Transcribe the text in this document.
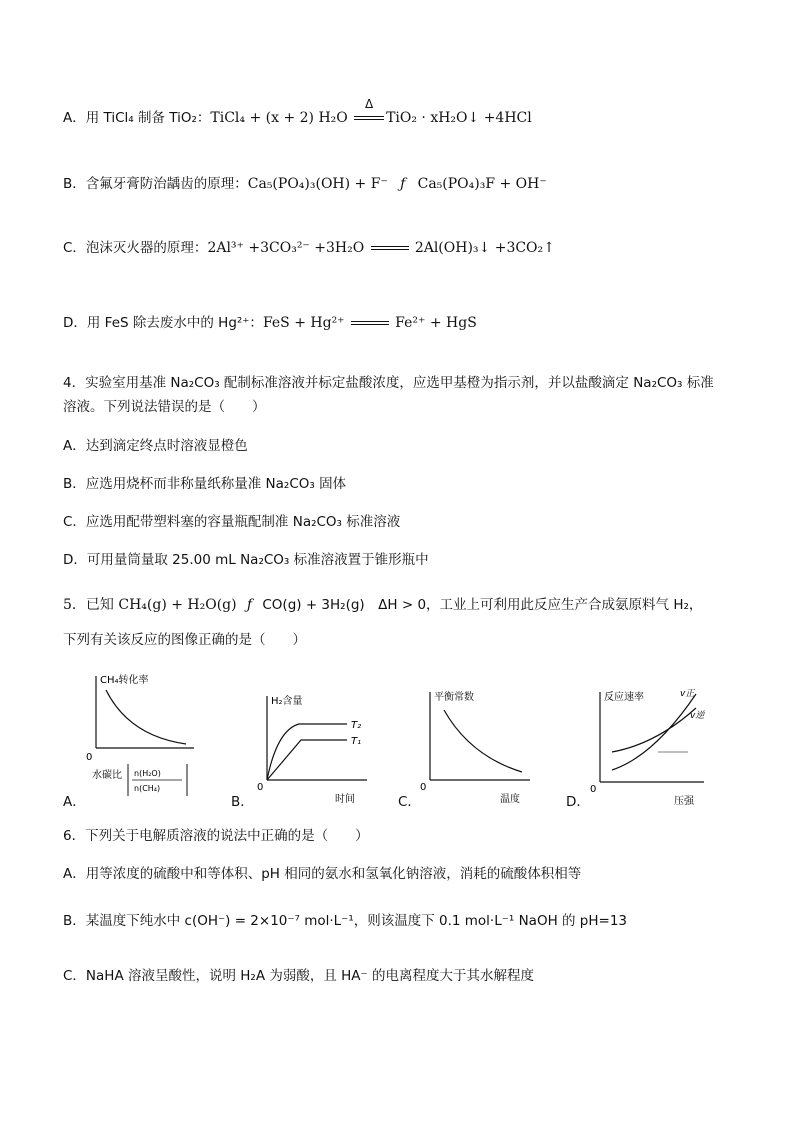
A．用 TiCl₄ 制备 TiO₂：TiCl₄ + (x + 2) H₂O
Δ
TiO₂ · xH₂O↓ +4HCl
B．含氟牙膏防治龋齿的原理：Ca₅(PO₄)₃(OH) + F⁻ ƒ Ca₅(PO₄)₃F + OH⁻
C．泡沫灭火器的原理：2Al³⁺ +3CO₃²⁻ +3H₂O	2Al(OH)₃↓ +3CO₂↑
D．用 FeS 除去废水中的 Hg²⁺：FeS + Hg²⁺	Fe²⁺ + HgS
4．实验室用基准 Na₂CO₃ 配制标准溶液并标定盐酸浓度，应选甲基橙为指示剂，并以盐酸滴定 Na₂CO₃ 标准
溶液。下列说法错误的是（　　）
A．达到滴定终点时溶液显橙色
B．应选用烧杯而非称量纸称量准 Na₂CO₃ 固体
C．应选用配带塑料塞的容量瓶配制准 Na₂CO₃ 标准溶液
D．可用量筒量取 25.00 mL Na₂CO₃ 标准溶液置于锥形瓶中
5．已知 CH₄(g) + H₂O(g) ƒ CO(g) + 3H₂(g)　ΔH > 0，工业上可利用此反应生产合成氨原料气 H₂，
下列有关该反应的图像正确的是（　　）
A．
CH₄转化率
0
水碳比 n(H₂O)
n(CH₄)
B．
H₂含量
0
T₂
T₁
时间	C．
平衡常数
0
温度	D．
反应速率
0
v正
v逆
压强
6．下列关于电解质溶液的说法中正确的是（　　）
A．用等浓度的硫酸中和等体积、pH 相同的氨水和氢氧化钠溶液，消耗的硫酸体积相等
B．某温度下纯水中 c(OH⁻) = 2×10⁻⁷ mol·L⁻¹，则该温度下 0.1 mol·L⁻¹ NaOH 的 pH=13
C．NaHA 溶液呈酸性，说明 H₂A 为弱酸，且 HA⁻ 的电离程度大于其水解程度
